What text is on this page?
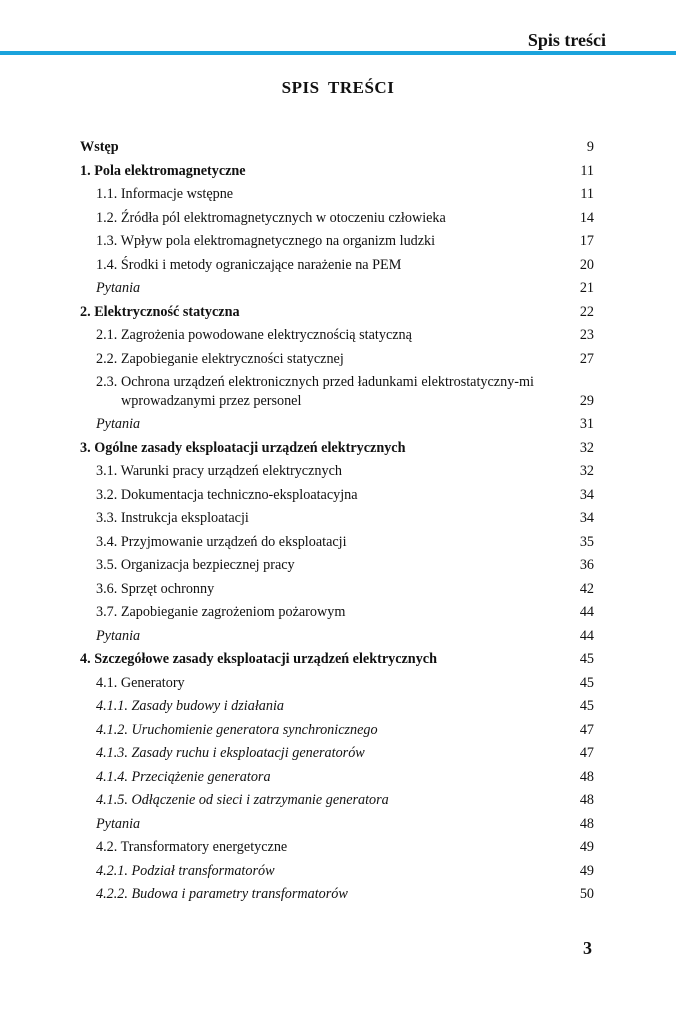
Spis treści
SPIS TREŚCI
Wstęp	9
1. Pola elektromagnetyczne	11
1.1. Informacje wstępne	11
1.2. Źródła pól elektromagnetycznych w otoczeniu człowieka	14
1.3. Wpływ pola elektromagnetycznego na organizm ludzki	17
1.4. Środki i metody ograniczające narażenie na PEM	20
Pytania	21
2. Elektryczność statyczna	22
2.1. Zagrożenia powodowane elektrycznością statyczną	23
2.2. Zapobieganie elektryczności statycznej	27
2.3. Ochrona urządzeń elektronicznych przed ładunkami elektrostatyczny-mi wprowadzanymi przez personel	29
Pytania	31
3. Ogólne zasady eksploatacji urządzeń elektrycznych	32
3.1. Warunki pracy urządzeń elektrycznych	32
3.2. Dokumentacja techniczno-eksploatacyjna	34
3.3. Instrukcja eksploatacji	34
3.4. Przyjmowanie urządzeń do eksploatacji	35
3.5. Organizacja bezpiecznej pracy	36
3.6. Sprzęt ochronny	42
3.7. Zapobieganie zagrożeniom pożarowym	44
Pytania	44
4. Szczegółowe zasady eksploatacji urządzeń elektrycznych	45
4.1. Generatory	45
4.1.1. Zasady budowy i działania	45
4.1.2. Uruchomienie generatora synchronicznego	47
4.1.3. Zasady ruchu i eksploatacji generatorów	47
4.1.4. Przeciążenie generatora	48
4.1.5. Odłączenie od sieci i zatrzymanie generatora	48
Pytania	48
4.2. Transformatory energetyczne	49
4.2.1. Podział transformatorów	49
4.2.2. Budowa i parametry transformatorów	50
3
